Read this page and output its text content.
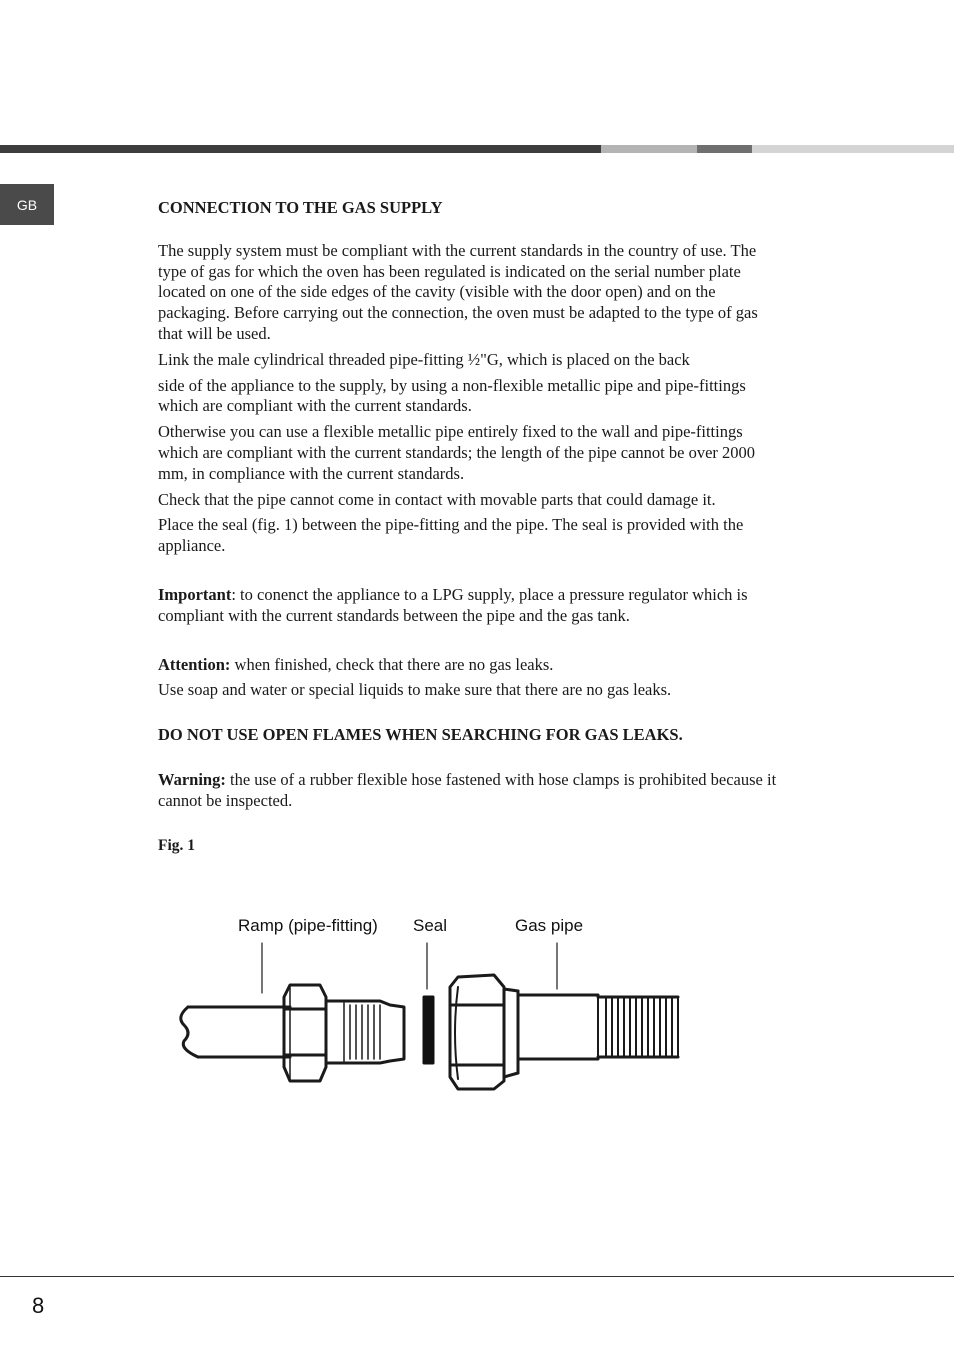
GB	CONNECTION TO THE GAS SUPPLY

The supply system must be compliant with the current standards in the country of use. The type of gas for which the oven has been regulated is indicated on the serial number plate located on one of the side edges of the cavity (visible with the door open) and on the packaging. Before carrying out the connection, the oven must be adapted to the type of gas that will be used.

Link the male cylindrical threaded pipe-fitting ½"G, which is placed on the back

side of the appliance to the supply, by using a non-flexible metallic pipe and pipe-fittings which are compliant with the current standards.

Otherwise you can use a flexible metallic pipe entirely fixed to the wall and pipe-fittings which are compliant with the current standards; the length of the pipe cannot be over 2000 mm, in compliance with the current standards.

Check that the pipe cannot come in contact with movable parts that could damage it.

Place the seal (fig. 1) between the pipe-fitting and the pipe. The seal is provided with the appliance.

Important: to conenct the appliance to a LPG supply, place a pressure regulator which is compliant with the current standards between the pipe and the gas tank.

Attention: when finished, check that there are no gas leaks.

Use soap and water or special liquids to make sure that there are no gas leaks.

DO NOT USE OPEN FLAMES WHEN SEARCHING FOR GAS LEAKS.

Warning: the use of a rubber flexible hose fastened with hose clamps is prohibited because it cannot be inspected.

Fig. 1

Ramp (pipe-fitting) Seal	Gas pipe
8
